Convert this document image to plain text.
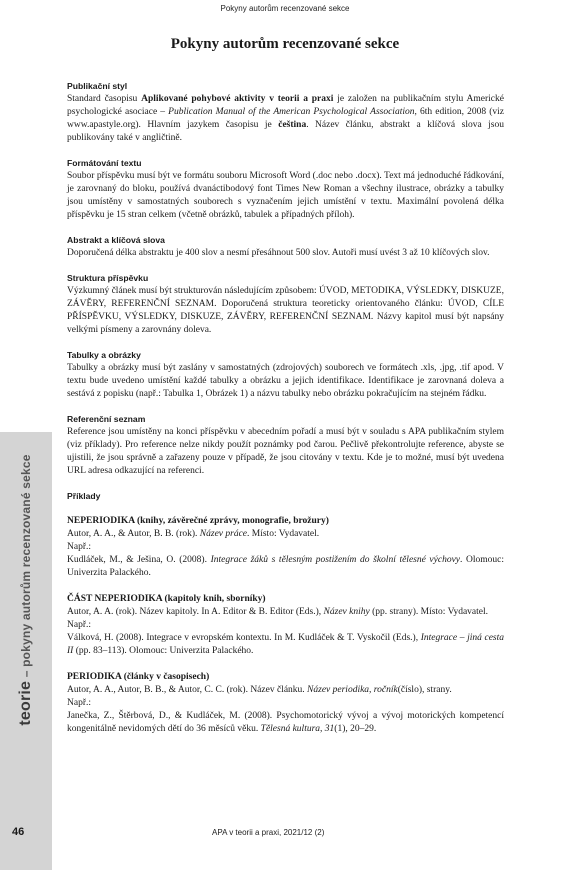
Pokyny autorům recenzované sekce
Pokyny autorům recenzované sekce
teorie – pokyny autorům recenzované sekce
Publikační styl

Standard časopisu Aplikované pohybové aktivity v teorii a praxi je založen na publikačním stylu Americké psychologické asociace – Publication Manual of the American Psychological Association, 6th edition, 2008 (viz www.apastyle.org). Hlavním jazykem časopisu je čeština. Název článku, abstrakt a klíčová slova jsou publikovány také v angličtině.

Formátování textu

Soubor příspěvku musí být ve formátu souboru Microsoft Word (.doc nebo .docx). Text má jednoduché řádkování, je zarovnaný do bloku, používá dvanáctibodový font Times New Roman a všechny ilustrace, obrázky a tabulky jsou umístěny v samostatných souborech s vyznačením jejich umístění v textu. Maximální povolená délka příspěvku je 15 stran celkem (včetně obrázků, tabulek a případných příloh).

Abstrakt a klíčová slova

Doporučená délka abstraktu je 400 slov a nesmí přesáhnout 500 slov. Autoři musí uvést 3 až 10 klíčových slov.

Struktura příspěvku

Výzkumný článek musí být strukturován následujícím způsobem: ÚVOD, METODIKA, VÝSLEDKY, DISKUZE, ZÁVĚRY, REFERENČNÍ SEZNAM. Doporučená struktura teoreticky orientovaného článku: ÚVOD, CÍLE PŘÍSPĚVKU, VÝSLEDKY, DISKUZE, ZÁVĚRY, REFERENČNÍ SEZNAM. Názvy kapitol musí být napsány velkými písmeny a zarovnány doleva.

Tabulky a obrázky

Tabulky a obrázky musí být zaslány v samostatných (zdrojových) souborech ve formátech .xls, .jpg, .tif apod. V textu bude uvedeno umístění každé tabulky a obrázku a jejich identifikace. Identifikace je zarovnaná doleva a sestává z popisku (např.: Tabulka 1, Obrázek 1) a názvu tabulky nebo obrázku pokračujícím na stejném řádku.

Referenční seznam

Reference jsou umístěny na konci příspěvku v abecedním pořadí a musí být v souladu s APA publikačním stylem (viz příklady). Pro reference nelze nikdy použít poznámky pod čarou. Pečlivě překontrolujte reference, abyste se ujistili, že jsou správně a zařazeny pouze v případě, že jsou citovány v textu. Kde je to možné, musí být uvedena URL adresa odkazující na referenci.

Příklady

NEPERIODIKA (knihy, závěrečné zprávy, monografie, brožury)

Autor, A. A., & Autor, B. B. (rok). Název práce. Místo: Vydavatel.

Např.:

Kudláček, M., & Ješina, O. (2008). Integrace žáků s tělesným postižením do školní tělesné výchovy. Olomouc: Univerzita Palackého.

ČÁST NEPERIODIKA (kapitoly knih, sborníky)

Autor, A. A. (rok). Název kapitoly. In A. Editor & B. Editor (Eds.), Název knihy (pp. strany). Místo: Vydavatel.

Např.:

Válková, H. (2008). Integrace v evropském kontextu. In M. Kudláček & T. Vyskočil (Eds.), Integrace – jiná cesta II (pp. 83–113). Olomouc: Univerzita Palackého.

PERIODIKA (články v časopisech)

Autor, A. A., Autor, B. B., & Autor, C. C. (rok). Název článku. Název periodika, ročník(číslo), strany.

Např.:

Janečka, Z., Štěrbová, D., & Kudláček, M. (2008). Psychomotorický vývoj a vývoj motorických kompetencí kongenitálně nevidomých dětí do 36 měsíců věku. Tělesná kultura, 31(1), 20–29.

46	APA v teorii a praxi, 2021/12 (2)
